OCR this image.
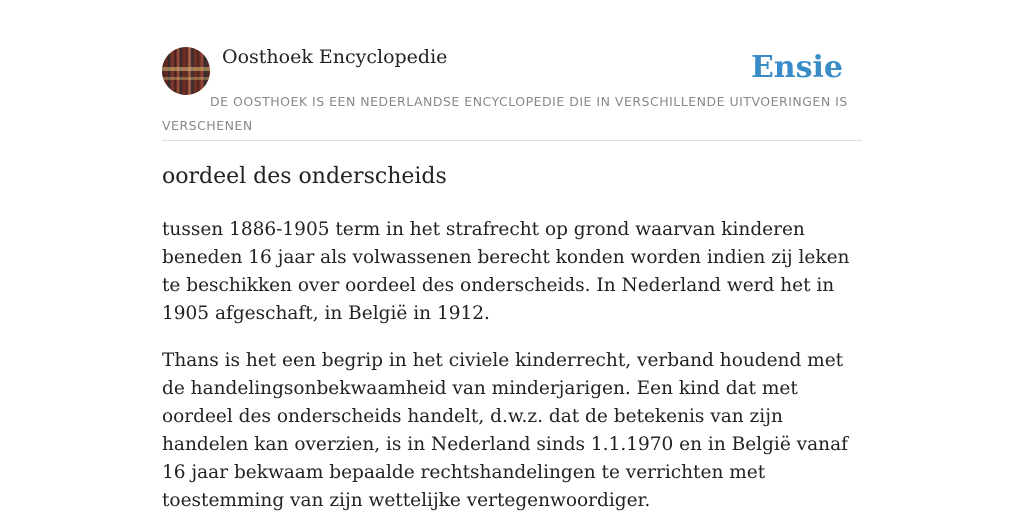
Oosthoek Encyclopedie	Ensie
DE OOSTHOEK IS EEN NEDERLANDSE ENCYCLOPEDIE DIE IN VERSCHILLENDE UITVOERINGEN IS VERSCHENEN
oordeel des onderscheids

tussen 1886-1905 term in het strafrecht op grond waarvan kinderen beneden 16 jaar als volwassenen berecht konden worden indien zij leken te beschikken over oordeel des onderscheids. In Nederland werd het in 1905 afgeschaft, in België in 1912.

Thans is het een begrip in het civiele kinderrecht, verband houdend met de handelingsonbekwaamheid van minderjarigen. Een kind dat met oordeel des onderscheids handelt, d.w.z. dat de betekenis van zijn handelen kan overzien, is in Nederland sinds 1.1.1970 en in België vanaf 16 jaar bekwaam bepaalde rechtshandelingen te verrichten met toestemming van zijn wettelijke vertegenwoordiger.
